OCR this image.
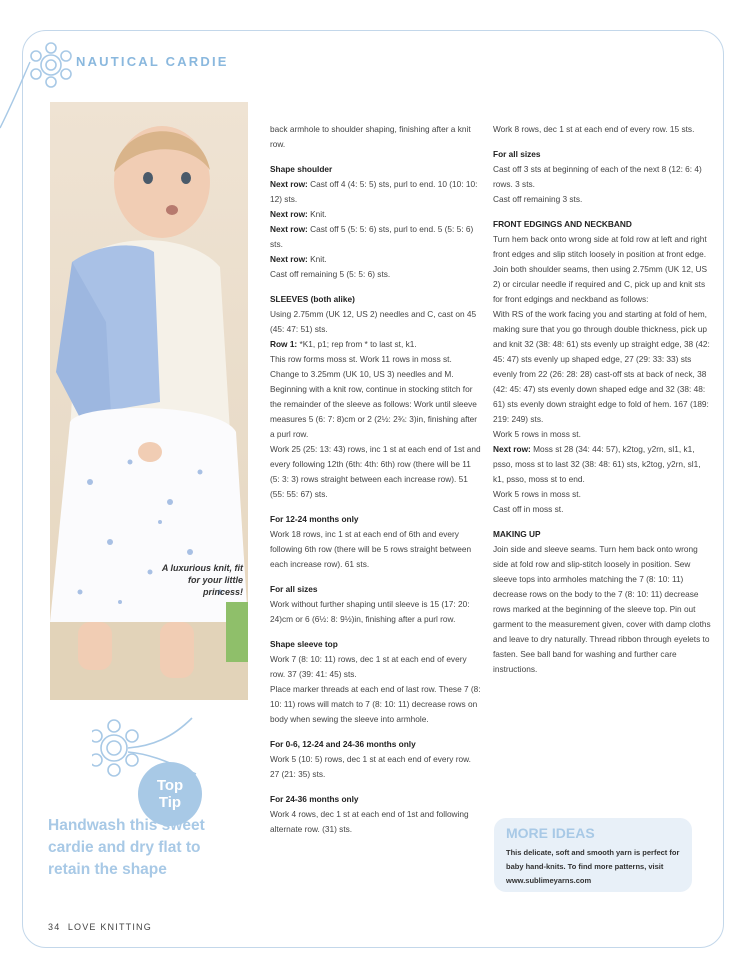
NAUTICAL CARDIE
A luxurious knit, fit for your little princess!

back armhole to shoulder shaping, finishing after a knit row.

Shape shoulder

Next row: Cast off 4 (4: 5: 5) sts, purl to end. 10 (10: 10: 12) sts.

Next row: Knit.

Next row: Cast off 5 (5: 5: 6) sts, purl to end. 5 (5: 5: 6) sts.

Next row: Knit.

Cast off remaining 5 (5: 5: 6) sts.

SLEEVES (both alike)

Using 2.75mm (UK 12, US 2) needles and C, cast on 45 (45: 47: 51) sts.

Row 1: *K1, p1; rep from * to last st, k1.

This row forms moss st. Work 11 rows in moss st. Change to 3.25mm (UK 10, US 3) needles and M. Beginning with a knit row, continue in stocking stitch for the remainder of the sleeve as follows: Work until sleeve measures 5 (6: 7: 8)cm or 2 (2½: 2¾: 3)in, finishing after a purl row.

Work 25 (25: 13: 43) rows, inc 1 st at each end of 1st and every following 12th (6th: 4th: 6th) row (there will be 11 (5: 3: 3) rows straight between each increase row). 51 (55: 55: 67) sts.

For 12-24 months only

Work 18 rows, inc 1 st at each end of 6th and every following 6th row (there will be 5 rows straight between each increase row). 61 sts.

For all sizes

Work without further shaping until sleeve is 15 (17: 20: 24)cm or 6 (6½: 8: 9½)in, finishing after a purl row.

Shape sleeve top

Work 7 (8: 10: 11) rows, dec 1 st at each end of every row. 37 (39: 41: 45) sts.

Place marker threads at each end of last row. These 7 (8: 10: 11) rows will match to 7 (8: 10: 11) decrease rows on body when sewing the sleeve into armhole.

For 0-6, 12-24 and 24-36 months only

Work 5 (10: 5) rows, dec 1 st at each end of every row. 27 (21: 35) sts.

For 24-36 months only

Work 4 rows, dec 1 st at each end of 1st and following alternate row. (31) sts.

Work 8 rows, dec 1 st at each end of every row. 15 sts.

For all sizes

Cast off 3 sts at beginning of each of the next 8 (12: 6: 4) rows. 3 sts.

Cast off remaining 3 sts.

FRONT EDGINGS AND NECKBAND

Turn hem back onto wrong side at fold row at left and right front edges and slip stitch loosely in position at front edge.

Join both shoulder seams, then using 2.75mm (UK 12, US 2) or circular needle if required and C, pick up and knit sts for front edgings and neckband as follows:

With RS of the work facing you and starting at fold of hem, making sure that you go through double thickness, pick up and knit 32 (38: 48: 61) sts evenly up straight edge, 38 (42: 45: 47) sts evenly up shaped edge, 27 (29: 33: 33) sts evenly from 22 (26: 28: 28) cast-off sts at back of neck, 38 (42: 45: 47) sts evenly down shaped edge and 32 (38: 48: 61) sts evenly down straight edge to fold of hem. 167 (189: 219: 249) sts.

Work 5 rows in moss st.

Next row: Moss st 28 (34: 44: 57), k2tog, y2rn, sl1, k1, psso, moss st to last 32 (38: 48: 61) sts, k2tog, y2rn, sl1, k1, psso, moss st to end.

Work 5 rows in moss st.

Cast off in moss st.

MAKING UP

Join side and sleeve seams. Turn hem back onto wrong side at fold row and slip-stitch loosely in position. Sew sleeve tops into armholes matching the 7 (8: 10: 11) decrease rows on the body to the 7 (8: 10: 11) decrease rows marked at the beginning of the sleeve top. Pin out garment to the measurement given, cover with damp cloths and leave to dry naturally. Thread ribbon through eyelets to fasten. See ball band for washing and further care instructions.

Top
Tip
Handwash this sweet cardie and dry flat to retain the shape
MORE IDEAS
This delicate, soft and smooth yarn is perfect for baby hand-knits. To find more patterns, visit www.sublimeyarns.com
34 LOVE KNITTING
